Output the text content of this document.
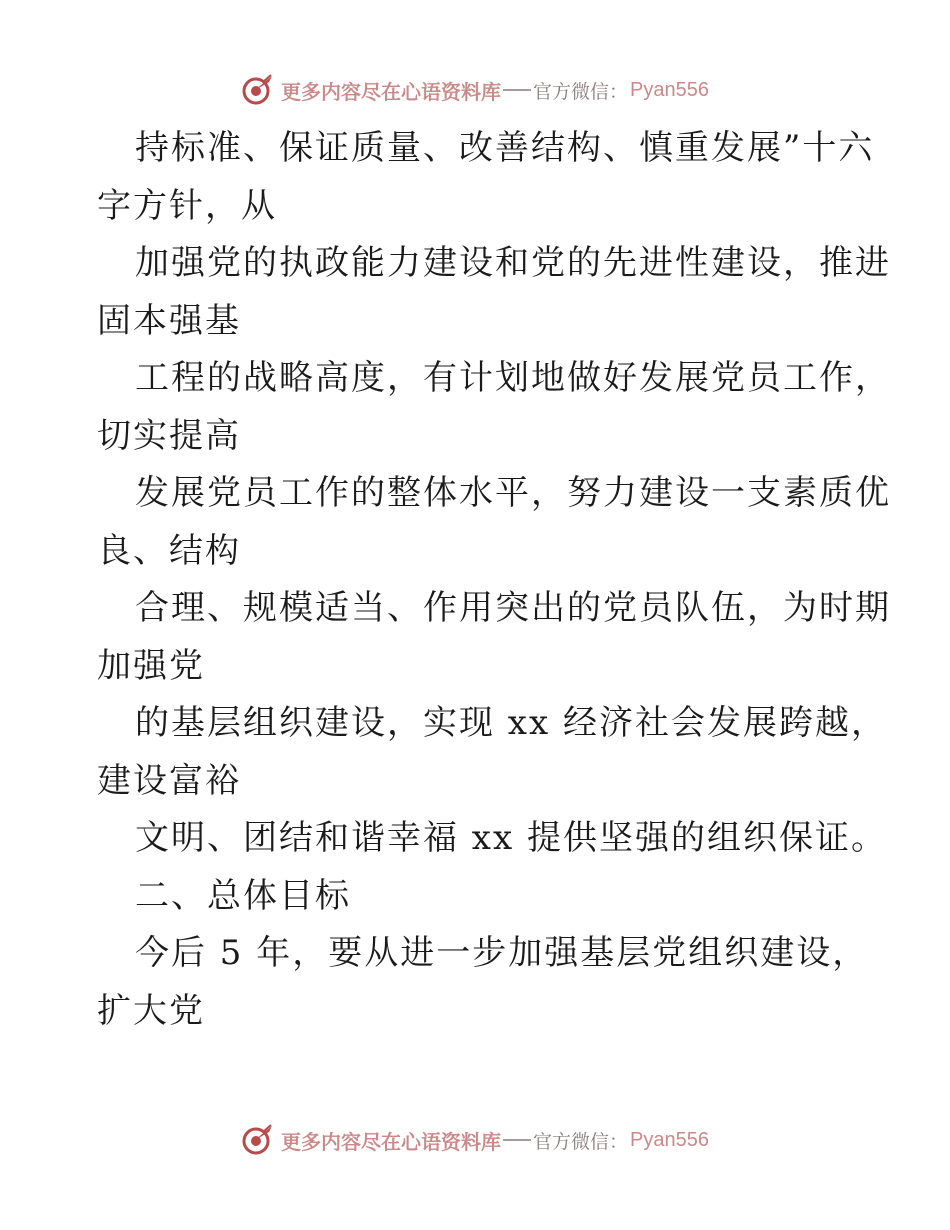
更多内容尽在心语资料库 官方微信： Pyan556
持标准、保证质量、改善结构、慎重发展”十六
字方针，从
加强党的执政能力建设和党的先进性建设，推进
固本强基
工程的战略高度，有计划地做好发展党员工作，
切实提高
发展党员工作的整体水平，努力建设一支素质优
良、结构
合理、规模适当、作用突出的党员队伍，为时期
加强党
的基层组织建设，实现 xx 经济社会发展跨越，
建设富裕
文明、团结和谐幸福 xx 提供坚强的组织保证。
二、总体目标
今后 5 年，要从进一步加强基层党组织建设，
扩大党
更多内容尽在心语资料库 官方微信： Pyan556
